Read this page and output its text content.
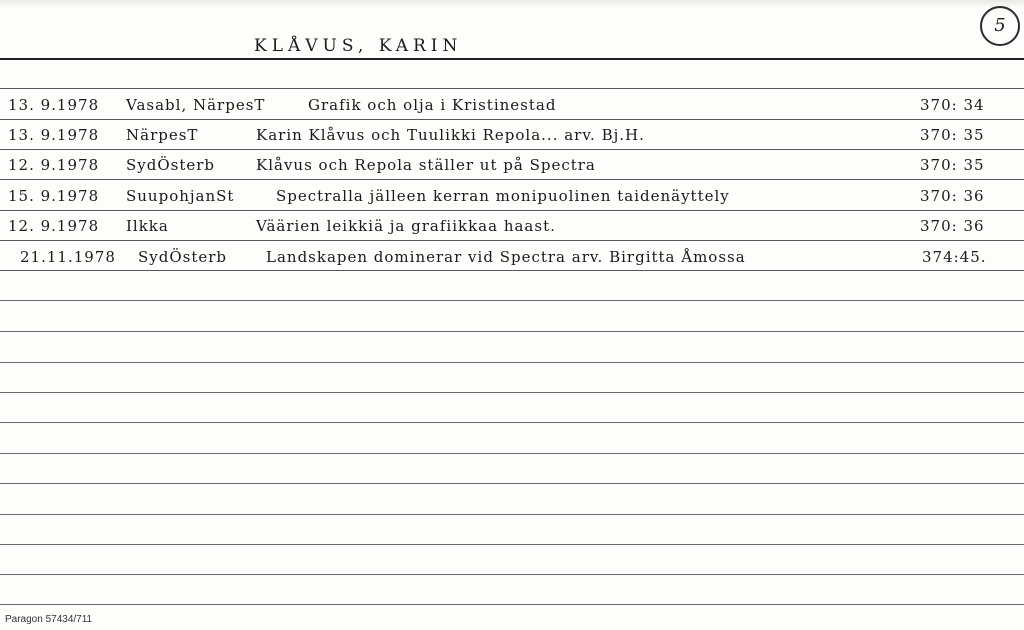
KLÅVUS, KARIN
5
13. 9.1978 Vasabl, NärpesT	Grafik och olja i Kristinestad	370: 34
13. 9.1978 NärpesT	Karin Klåvus och Tuulikki Repola... arv. Bj.H.	370: 35
12. 9.1978 SydÖsterb	Klåvus och Repola ställer ut på Spectra	370: 35
15. 9.1978 SuupohjanSt	Spectralla jälleen kerran monipuolinen taidenäyttely	370: 36
12. 9.1978 Ilkka	Väärien leikkiä ja grafiikkaa haast.	370: 36
21.11.1978 SydÖsterb	Landskapen dominerar vid Spectra arv. Birgitta Åmossa	374:45.
Paragon 57434/711
